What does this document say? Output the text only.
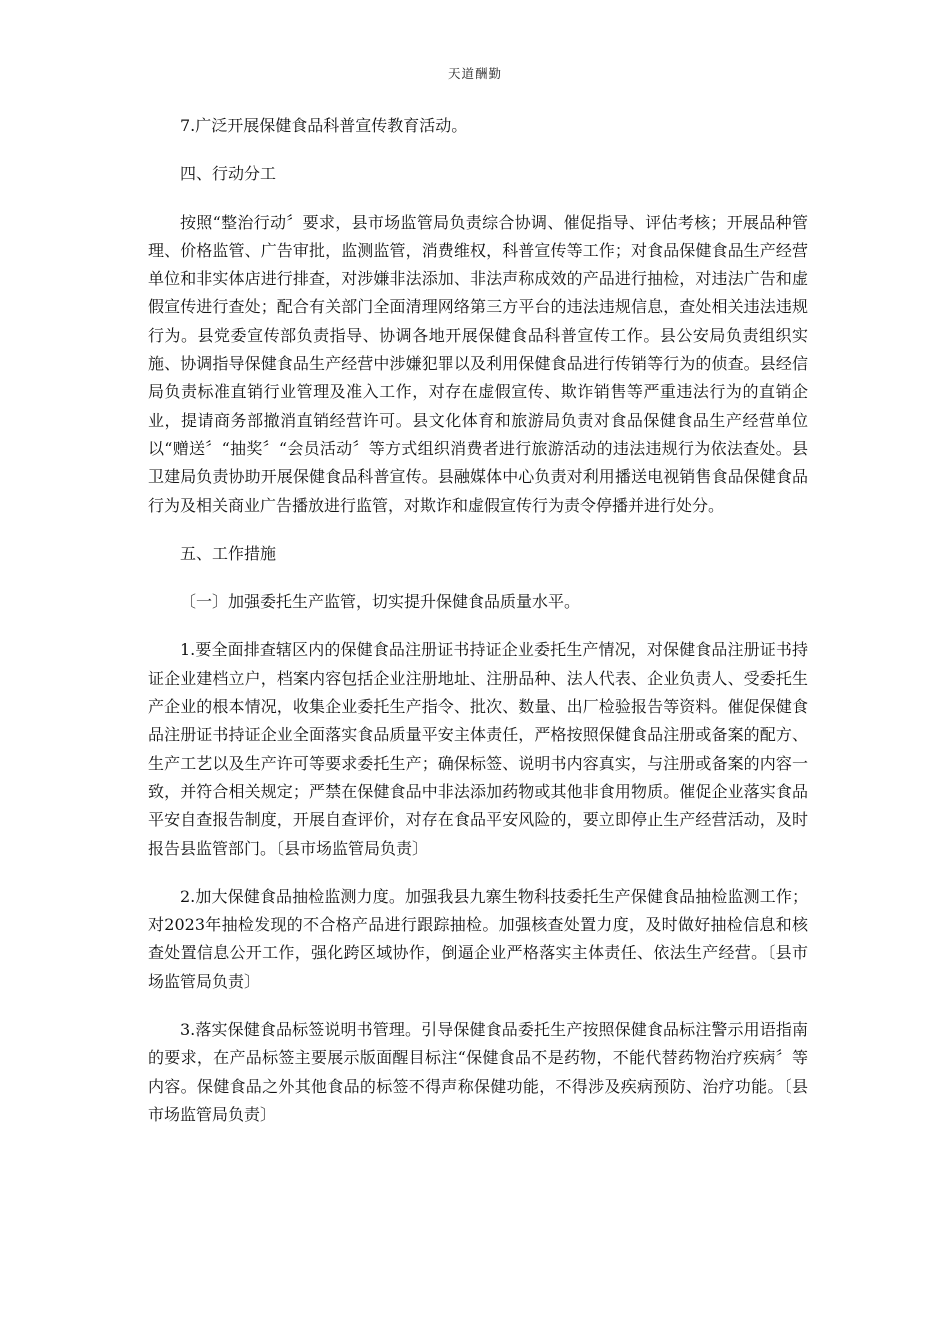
天道酬勤

7.广泛开展保健食品科普宣传教育活动。

四、行动分工

按照“整治行动〞要求，县市场监管局负责综合协调、催促指导、评估考核；开展品种管理、价格监管、广告审批，监测监管，消费维权，科普宣传等工作；对食品保健食品生产经营单位和非实体店进行排查，对涉嫌非法添加、非法声称成效的产品进行抽检，对违法广告和虚假宣传进行查处；配合有关部门全面清理网络第三方平台的违法违规信息，查处相关违法违规行为。县党委宣传部负责指导、协调各地开展保健食品科普宣传工作。县公安局负责组织实施、协调指导保健食品生产经营中涉嫌犯罪以及利用保健食品进行传销等行为的侦查。县经信局负责标准直销行业管理及准入工作，对存在虚假宣传、欺诈销售等严重违法行为的直销企业，提请商务部撤消直销经营许可。县文化体育和旅游局负责对食品保健食品生产经营单位以“赠送〞“抽奖〞“会员活动〞等方式组织消费者进行旅游活动的违法违规行为依法查处。县卫建局负责协助开展保健食品科普宣传。县融媒体中心负责对利用播送电视销售食品保健食品行为及相关商业广告播放进行监管，对欺诈和虚假宣传行为责令停播并进行处分。

五、工作措施

〔一〕加强委托生产监管，切实提升保健食品质量水平。

1.要全面排查辖区内的保健食品注册证书持证企业委托生产情况，对保健食品注册证书持证企业建档立户，档案内容包括企业注册地址、注册品种、法人代表、企业负责人、受委托生产企业的根本情况，收集企业委托生产指令、批次、数量、出厂检验报告等资料。催促保健食品注册证书持证企业全面落实食品质量平安主体责任，严格按照保健食品注册或备案的配方、生产工艺以及生产许可等要求委托生产；确保标签、说明书内容真实，与注册或备案的内容一致，并符合相关规定；严禁在保健食品中非法添加药物或其他非食用物质。催促企业落实食品平安自查报告制度，开展自查评价，对存在食品平安风险的，要立即停止生产经营活动，及时报告县监管部门。〔县市场监管局负责〕

2.加大保健食品抽检监测力度。加强我县九寨生物科技委托生产保健食品抽检监测工作；对2023年抽检发现的不合格产品进行跟踪抽检。加强核查处置力度，及时做好抽检信息和核查处置信息公开工作，强化跨区域协作，倒逼企业严格落实主体责任、依法生产经营。〔县市场监管局负责〕

3.落实保健食品标签说明书管理。引导保健食品委托生产按照保健食品标注警示用语指南的要求，在产品标签主要展示版面醒目标注“保健食品不是药物，不能代替药物治疗疾病〞等内容。保健食品之外其他食品的标签不得声称保健功能，不得涉及疾病预防、治疗功能。〔县市场监管局负责〕
